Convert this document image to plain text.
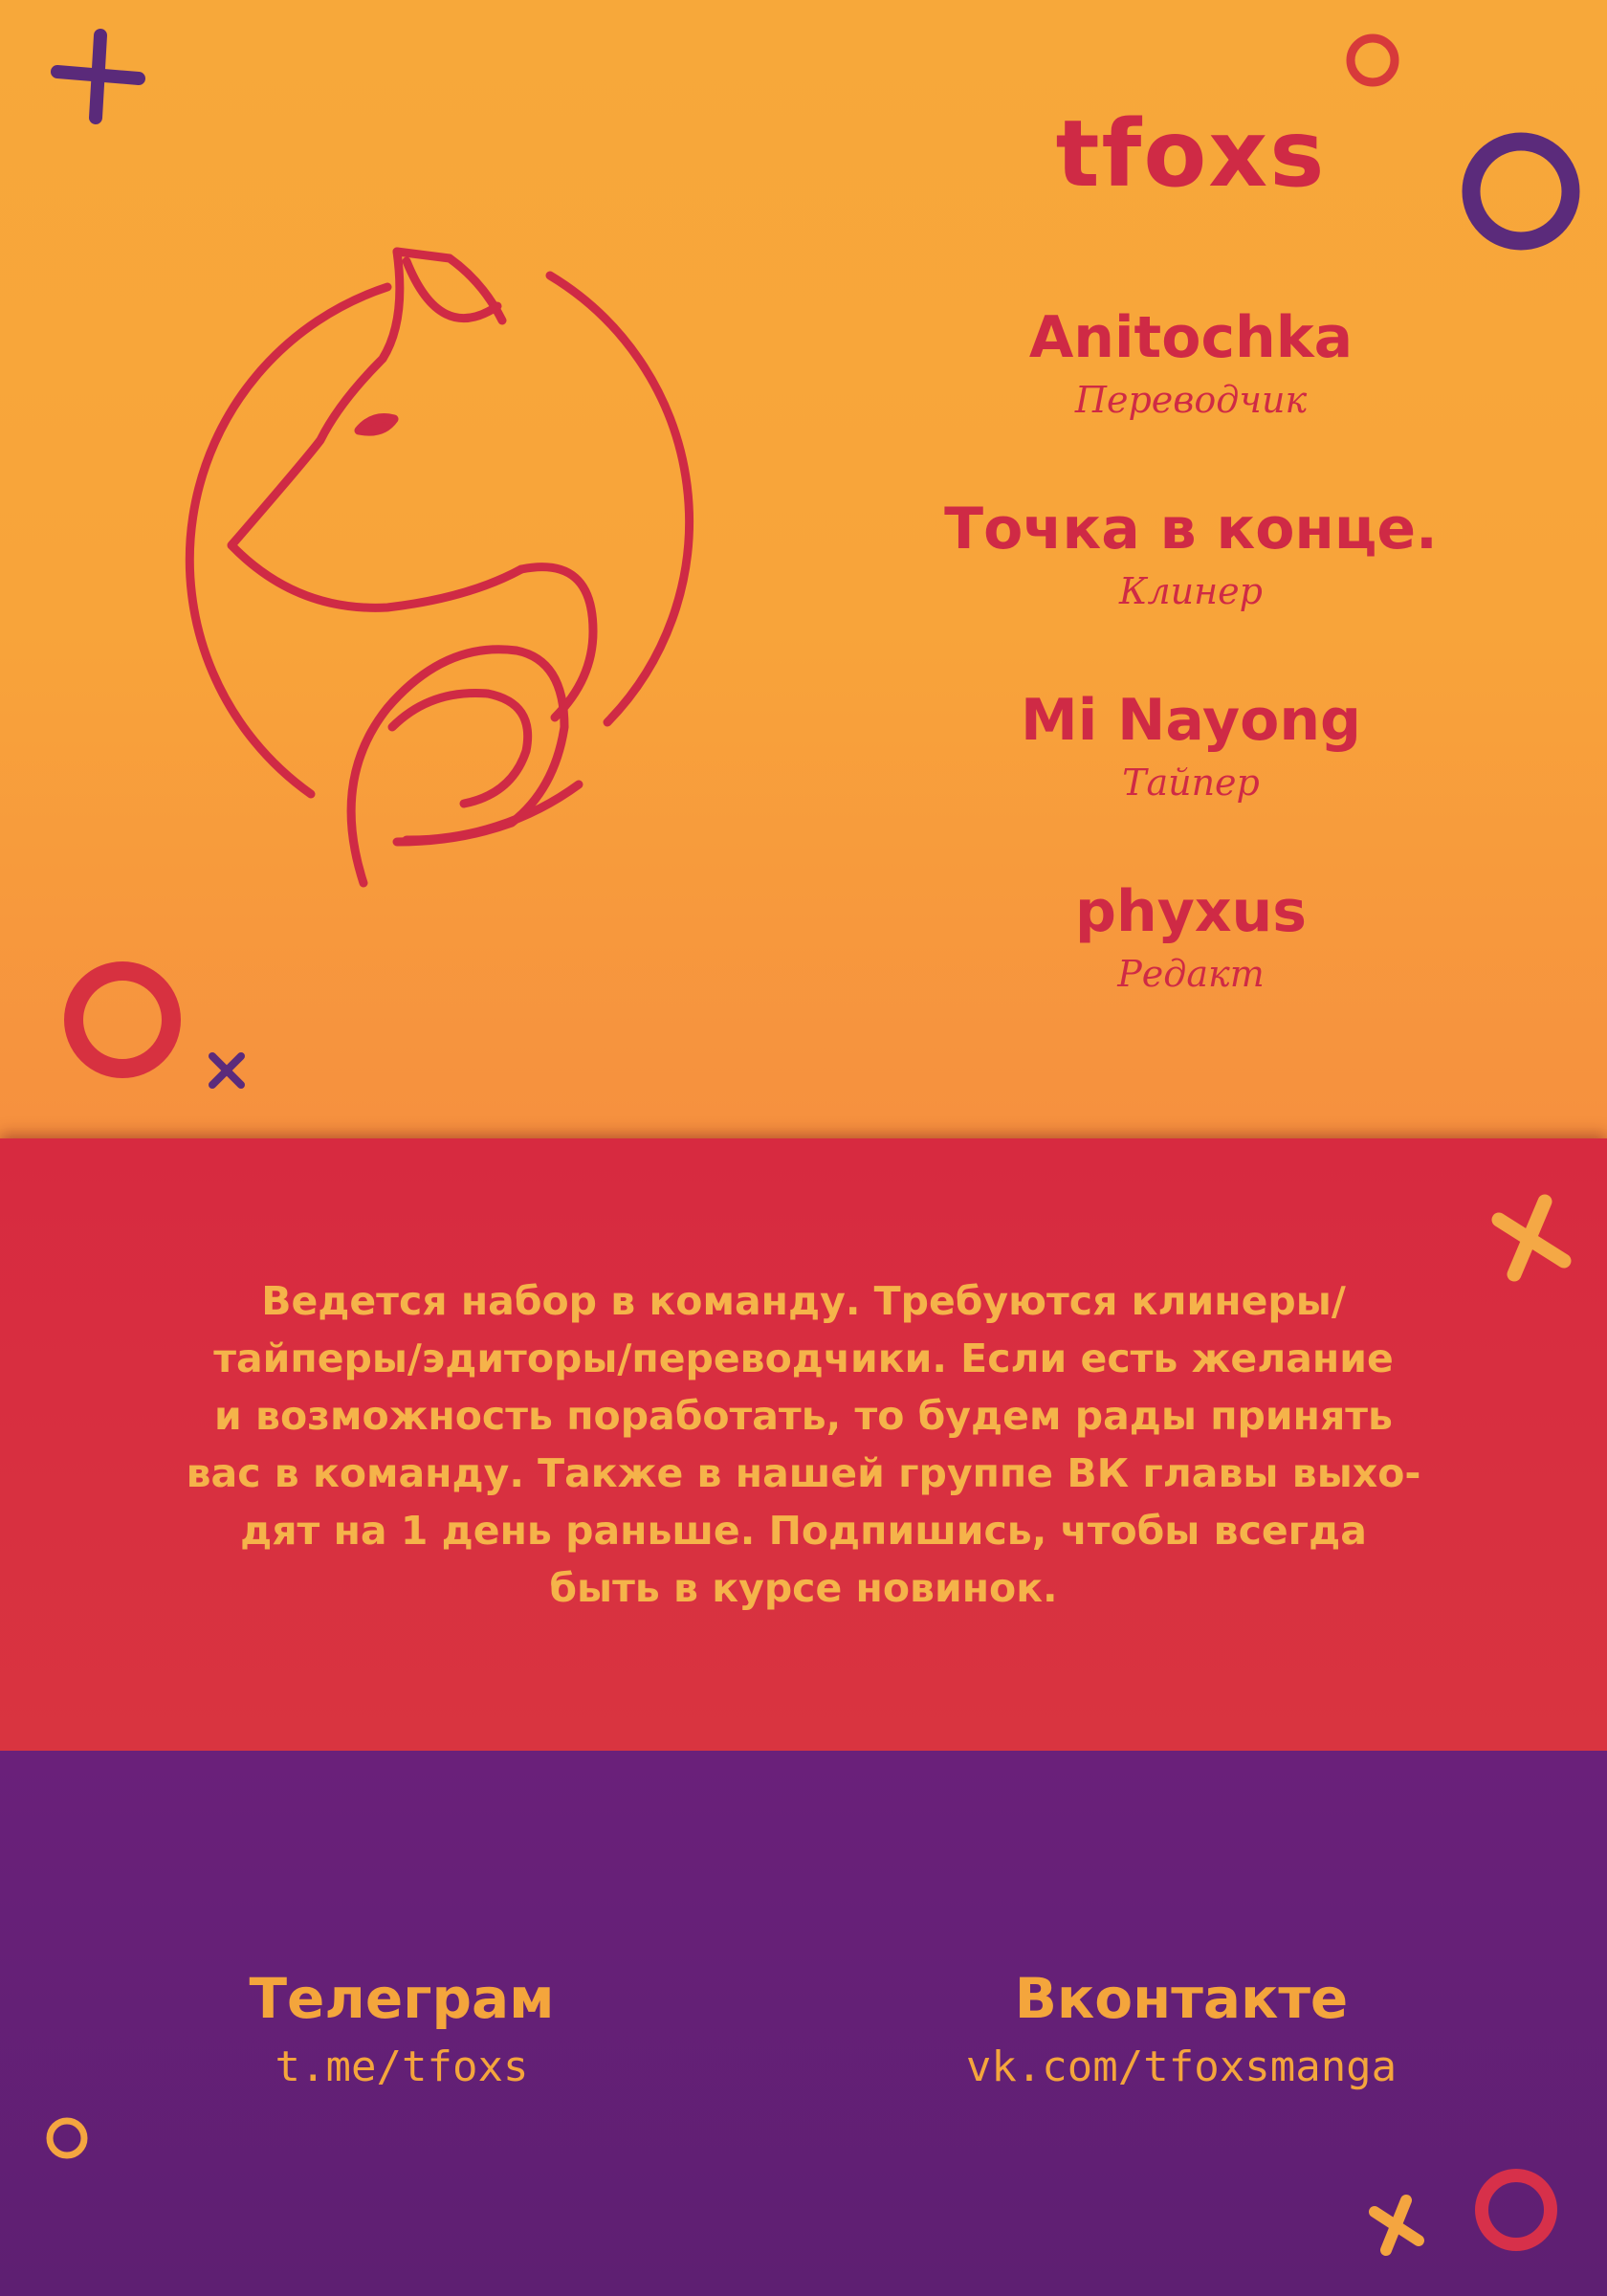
tfoxs
Anitochka
Переводчик
Точка в конце.
Клинер
Mi Nayong
Тайпер
phyxus
Редакт
Ведется набор в команду. Требуются клинеры/
тайперы/эдиторы/переводчики. Если есть желание
и возможность поработать, то будем рады принять
вас в команду. Также в нашей группе ВК главы выхо-
дят на 1 день раньше. Подпишись, чтобы всегда
быть в курсе новинок.
Телеграм
t.me/tfoxs
Вконтакте
vk.com/tfoxsmanga
